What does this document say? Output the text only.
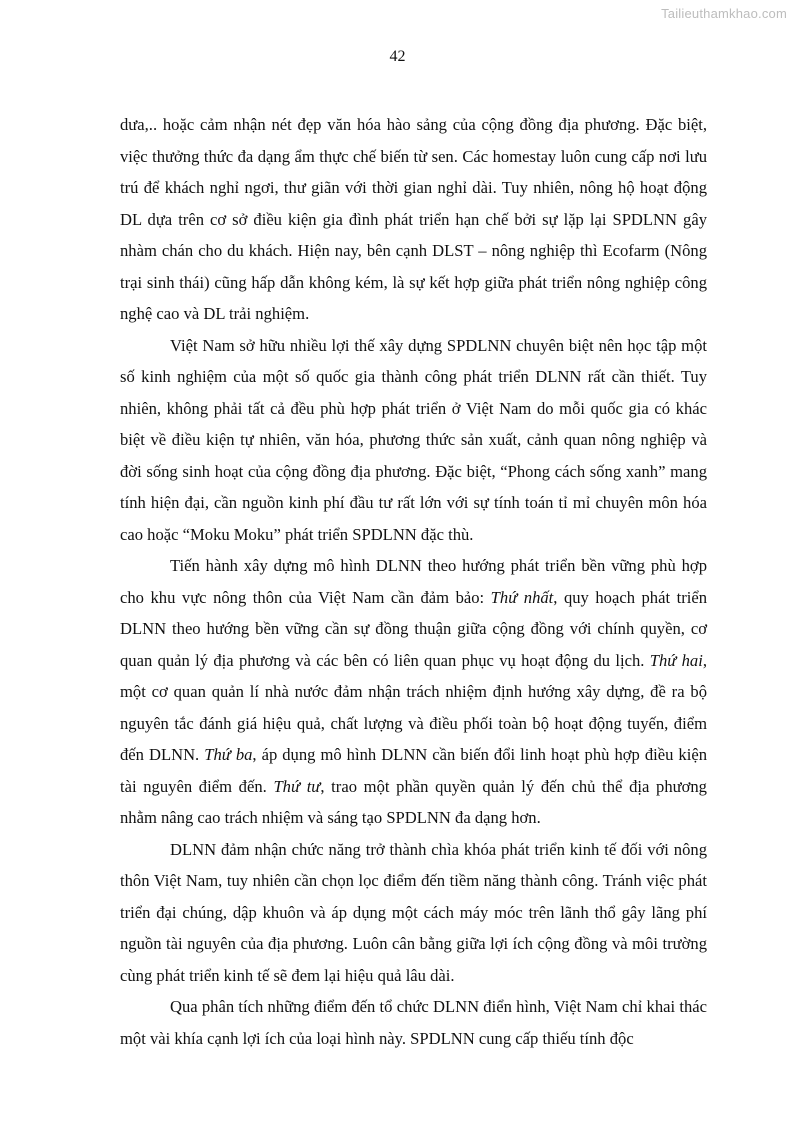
Tailieuthamkhao.com
42

dưa,.. hoặc cảm nhận nét đẹp văn hóa hào sảng của cộng đồng địa phương. Đặc biệt, việc thưởng thức đa dạng ẩm thực chế biến từ sen. Các homestay luôn cung cấp nơi lưu trú để khách nghỉ ngơi, thư giãn với thời gian nghỉ dài. Tuy nhiên, nông hộ hoạt động DL dựa trên cơ sở điều kiện gia đình phát triển hạn chế bởi sự lặp lại SPDLNN gây nhàm chán cho du khách. Hiện nay, bên cạnh DLST – nông nghiệp thì Ecofarm (Nông trại sinh thái) cũng hấp dẫn không kém, là sự kết hợp giữa phát triển nông nghiệp công nghệ cao và DL trải nghiệm.

Việt Nam sở hữu nhiều lợi thế xây dựng SPDLNN chuyên biệt nên học tập một số kinh nghiệm của một số quốc gia thành công phát triển DLNN rất cần thiết. Tuy nhiên, không phải tất cả đều phù hợp phát triển ở Việt Nam do mỗi quốc gia có khác biệt về điều kiện tự nhiên, văn hóa, phương thức sản xuất, cảnh quan nông nghiệp và đời sống sinh hoạt của cộng đồng địa phương. Đặc biệt, “Phong cách sống xanh” mang tính hiện đại, cần nguồn kinh phí đầu tư rất lớn với sự tính toán tỉ mỉ chuyên môn hóa cao hoặc “Moku Moku” phát triển SPDLNN đặc thù.

Tiến hành xây dựng mô hình DLNN theo hướng phát triển bền vững phù hợp cho khu vực nông thôn của Việt Nam cần đảm bảo: Thứ nhất, quy hoạch phát triển DLNN theo hướng bền vững cần sự đồng thuận giữa cộng đồng với chính quyền, cơ quan quản lý địa phương và các bên có liên quan phục vụ hoạt động du lịch. Thứ hai, một cơ quan quản lí nhà nước đảm nhận trách nhiệm định hướng xây dựng, đề ra bộ nguyên tắc đánh giá hiệu quả, chất lượng và điều phối toàn bộ hoạt động tuyến, điểm đến DLNN. Thứ ba, áp dụng mô hình DLNN cần biến đổi linh hoạt phù hợp điều kiện tài nguyên điểm đến. Thứ tư, trao một phần quyền quản lý đến chủ thể địa phương nhằm nâng cao trách nhiệm và sáng tạo SPDLNN đa dạng hơn.

DLNN đảm nhận chức năng trở thành chìa khóa phát triển kinh tế đối với nông thôn Việt Nam, tuy nhiên cần chọn lọc điểm đến tiềm năng thành công. Tránh việc phát triển đại chúng, dập khuôn và áp dụng một cách máy móc trên lãnh thổ gây lãng phí nguồn tài nguyên của địa phương. Luôn cân bằng giữa lợi ích cộng đồng và môi trường cùng phát triển kinh tế sẽ đem lại hiệu quả lâu dài.

Qua phân tích những điểm đến tổ chức DLNN điển hình, Việt Nam chỉ khai thác một vài khía cạnh lợi ích của loại hình này. SPDLNN cung cấp thiếu tính độc
